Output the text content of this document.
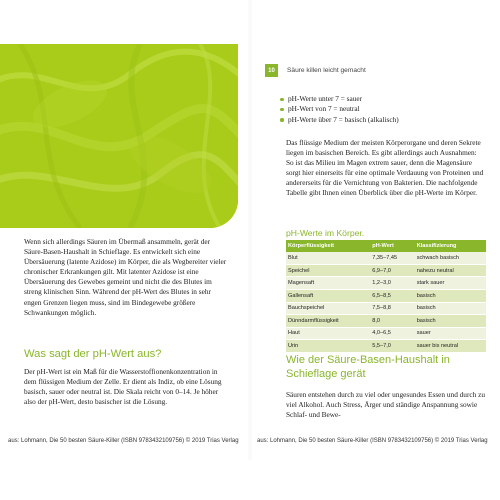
Wenn sich allerdings Säuren im Übermaß ansammeln, gerät der Säure-Basen-Haushalt in Schieflage. Es entwickelt sich eine Übersäuerung (latente Azidose) im Körper, die als Wegbereiter vieler chronischer Erkrankungen gilt. Mit latenter Azidose ist eine Übersäuerung des Gewebes gemeint und nicht die des Blutes im streng klinischen Sinn. Während der pH-Wert des Blutes in sehr engen Grenzen liegen muss, sind im Bindegewebe größere Schwankungen möglich.
Was sagt der pH-Wert aus?
Der pH-Wert ist ein Maß für die Wasserstoffionenkonzentration in dem flüssigen Medium der Zelle. Er dient als Indiz, ob eine Lösung basisch, sauer oder neutral ist. Die Skala reicht von 0–14. Je höher also der pH-Wert, desto basischer ist die Lösung.
aus: Lohmann, Die 50 besten Säure-Killer (ISBN 9783432109756) © 2019 Trias Verlag
10	Säure killen leicht gemacht
pH-Werte unter 7 = sauer
pH-Wert von 7 = neutral
pH-Werte über 7 = basisch (alkalisch)
Das flüssige Medium der meisten Körperorgane und deren Sekrete liegen im basischen Bereich. Es gibt allerdings auch Ausnahmen: So ist das Milieu im Magen extrem sauer, denn die Magensäure sorgt hier einerseits für eine optimale Verdauung von Proteinen und andererseits für die Vernichtung von Bakterien. Die nachfolgende Tabelle gibt Ihnen einen Überblick über die pH-Werte im Körper.
pH-Werte im Körper.
Körperflüssigkeit	pH-Wert	Klassifizierung
Blut	7,35–7,45	schwach basisch
Speichel	6,9–7,0	nahezu neutral
Magensaft	1,2–3,0	stark sauer
Gallensaft	6,5–8,5	basisch
Bauchspeichel	7,5–8,8	basisch
Dünndarmflüssigkeit	8,0	basisch
Haut	4,0–6,5	sauer
Urin	5,5–7,0	sauer bis neutral
Wie der Säure-Basen-Haushalt in Schieflage gerät
Säuren entstehen durch zu viel oder ungesundes Essen und durch zu viel Alkohol. Auch Stress, Ärger und ständige Anspannung sowie Schlaf- und Bewe-
aus: Lohmann, Die 50 besten Säure-Killer (ISBN 9783432109756) © 2019 Trias Verlag
